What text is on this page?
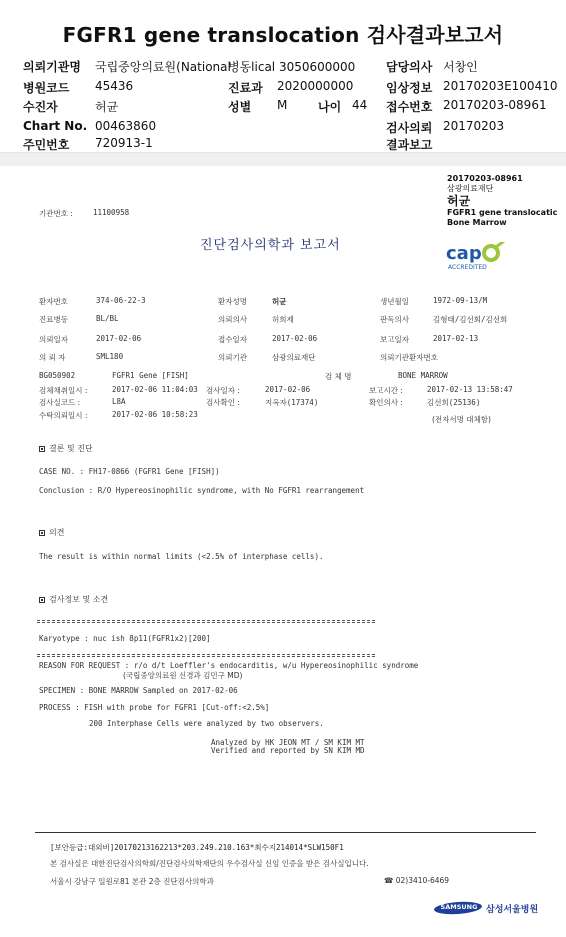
FGFR1 gene translocation 검사결과보고서
의뢰기관명 국립중앙의료원(National
병동lical 3050600000	담당의사 서창인
병원코드 45436	진료과 2020000000	임상정보 20170203E100410
수진자	허균	성별 M	나이 44 접수번호 20170203-08961
Chart No. 00463860	검사의뢰 20170203
주민번호 720913-1	결과보고
20170203-08961
삼광의료재단
허균
FGFR1 gene translocatic
Bone Marrow
기관번호 :	11100958
진단검사의학과 보고서	cap
ACCREDITED
환자번호	374-06-22-3	환자성명	허균	생년월일	1972-09-13/M
진료병동	BL/BL	의뢰의사	허희제	판독의사	김형태/김선회/김선희
의뢰일자	2017-02-06	접수일자	2017-02-06	보고일자	2017-02-13
의 뢰 자	SML180	의뢰기관	삼광의료재단	의뢰기관환자번호
BG050902	FGFR1 Gene [FISH]	검 체 명	BONE MARROW
검체채취일시 :	2017-02-06 11:04:03 검사일자 :	2017-02-06	보고시간 :	2017-02-13 13:58:47
검사실코드 :	L8A	검사확인 :	지옥자(17374)	확인의사 :	김선희(25136)
수탁의뢰일시 :	2017-02-06 10:58:23
(전자서명 대체함)
결론 및 진단
CASE NO. : FH17-0866 (FGFR1 Gene [FISH])
Conclusion : R/O Hypereosinophilic syndrome, with No FGFR1 rearrangement
의견
The result is within normal limits (<2.5% of interphase cells).
검사정보 및 소견
Karyotype : nuc ish 8p11(FGFR1x2)[200]
REASON FOR REQUEST : r/o d/t Loeffler's endocarditis, w/u Hypereosinophilic syndrome
(국립중앙의료원 신경과 김민구 MD)
SPECIMEN : BONE MARROW Sampled on 2017-02-06
PROCESS : FISH with probe for FGFR1 [Cut-off:<2.5%]
200 Interphase Cells were analyzed by two observers.
Analyzed by HK JEON MT / SM KIM MT
Verified and reported by SN KIM MD
[보안등급:대외비]20170213162213*203.249.210.163*최수지214014*SLW150F1
본 검사실은 대한진단검사의학회/진단검사의학재단의 우수검사실 신임 인증을 받은 검사실입니다.
서울시 강남구 일원로81 본관 2층 진단검사의학과	☎ 02)3410-6469
SAMSUNG 삼성서울병원
